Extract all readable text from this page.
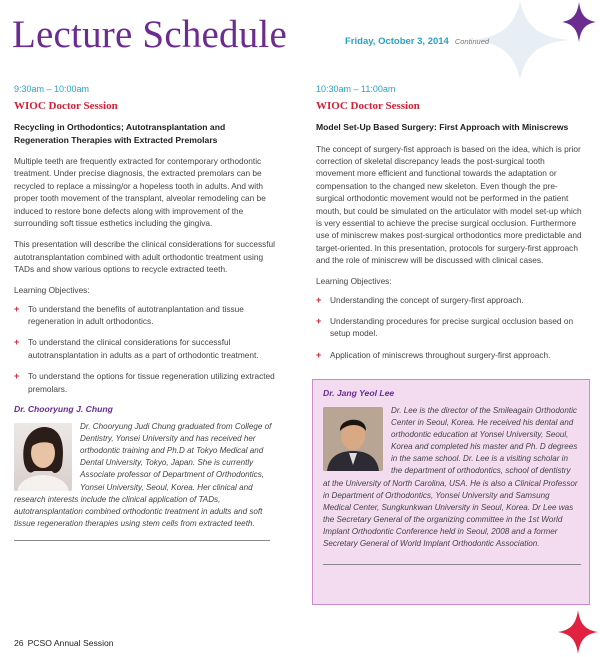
Lecture Schedule	Friday, October 3, 2014 Continued
9:30am – 10:00am
WIOC Doctor Session
Recycling in Orthodontics; Autotransplantation and Regeneration Therapies with Extracted Premolars

Multiple teeth are frequently extracted for contemporary orthodontic treatment. Under precise diagnosis, the extracted premolars can be recycled to replace a missing/or a hopeless tooth in adults. And with proper tooth movement of the transplant, alveolar remodeling can be induced to restore bone defects along with improvement of the surrounding soft tissue esthetics including the gingiva.

This presentation will describe the clinical considerations for successful autotransplantation combined with adult orthodontic treatment using TADs and show various options to recycle extracted teeth.

Learning Objectives:
+ To understand the benefits of autotranplantation and tissue regeneration in adult orthodontics.
+ To understand the clinical considerations for successful autotransplantation in adults as a part of orthodontic treatment.
+ To understand the options for tissue regeneration utilizing extracted premolars.
Dr. Chooryung J. Chung
Dr. Chooryung Judi Chung graduated from College of Dentistry, Yonsei University and has received her orthodontic training and Ph.D at Tokyo Medical and Dental University, Tokyo, Japan. She is currently Associate professor of Department of Orthodontics, Yonsei University, Seoul, Korea. Her clinical and research interests include the clinical application of TADs, autotransplantation combined orthodontic treatment in adults and soft tissue regeneration therapies using stem cells from extracted teeth.
10:30am – 11:00am
WIOC Doctor Session
Model Set-Up Based Surgery: First Approach with Miniscrews

The concept of surgery-fist approach is based on the idea, which is prior correction of skeletal discrepancy leads the post-surgical tooth movement more efficient and functional towards the adaptation or compensation to the changed new skeleton. Even though the pre-surgical orthodontic movement would not be performed in the patient mouth, but could be simulated on the articulator with model set-up which is very essential to achieve the precise surgical occlusion. Furthermore use of miniscrew makes post-surgical orthodontics more predictable and target-oriented. In this presentation, protocols for surgery-first approach and the role of miniscrew will be discussed with clinical cases.

Learning Objectives:
+ Understanding the concept of surgery-first approach.
+ Understanding procedures for precise surgical occlusion based on setup model.
+ Application of miniscrews throughout surgery-first approach.
Dr. Jang Yeol Lee
Dr. Lee is the director of the Smileagain Orthodontic Center in Seoul, Korea. He received his dental and orthodontic education at Yonsei University, Seoul, Korea and completed his master and Ph. D degrees in the same school. Dr. Lee is a visiting scholar in the department of orthodontics, school of dentistry at the University of North Carolina, USA. He is also a Clinical Professor in Department of Orthodontics, Yonsei University and Samsung Medical Center, Sungkunkwan University in Seoul, Korea. Dr Lee was the Secretary General of the organizing committee in the 1st World Implant Orthodontic Conference held in Seoul, 2008 and a former Secretary General of World Implant Orthodontic Association.
26 PCSO Annual Session
